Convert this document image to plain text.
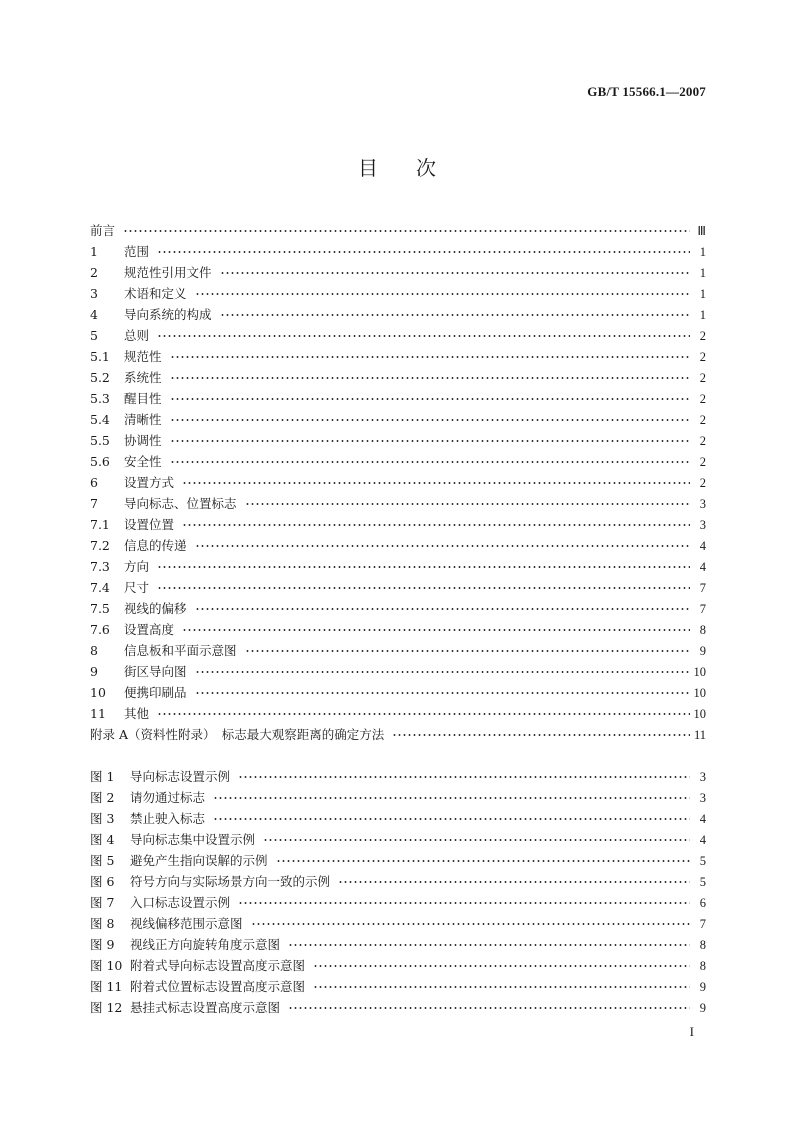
GB/T 15566.1—2007
目次
前言	Ⅲ
1	范围	1
2	规范性引用文件	1
3	术语和定义	1
4	导向系统的构成	1
5	总则	2
5.1	规范性	2
5.2	系统性	2
5.3	醒目性	2
5.4	清晰性	2
5.5	协调性	2
5.6	安全性	2
6	设置方式	2
7	导向标志、位置标志	3
7.1	设置位置	3
7.2	信息的传递	4
7.3	方向	4
7.4	尺寸	7
7.5	视线的偏移	7
7.6	设置高度	8
8	信息板和平面示意图	9
9	街区导向图	10
10	便携印刷品	10
11	其他	10
附录 A（资料性附录）　标志最大观察距离的确定方法	11
图 1	导向标志设置示例	3
图 2	请勿通过标志	3
图 3	禁止驶入标志	4
图 4	导向标志集中设置示例	4
图 5	避免产生指向误解的示例	5
图 6	符号方向与实际场景方向一致的示例	5
图 7	入口标志设置示例	6
图 8	视线偏移范围示意图	7
图 9	视线正方向旋转角度示意图	8
图 10 附着式导向标志设置高度示意图	8
图 11 附着式位置标志设置高度示意图	9
图 12 悬挂式标志设置高度示意图	9
I
